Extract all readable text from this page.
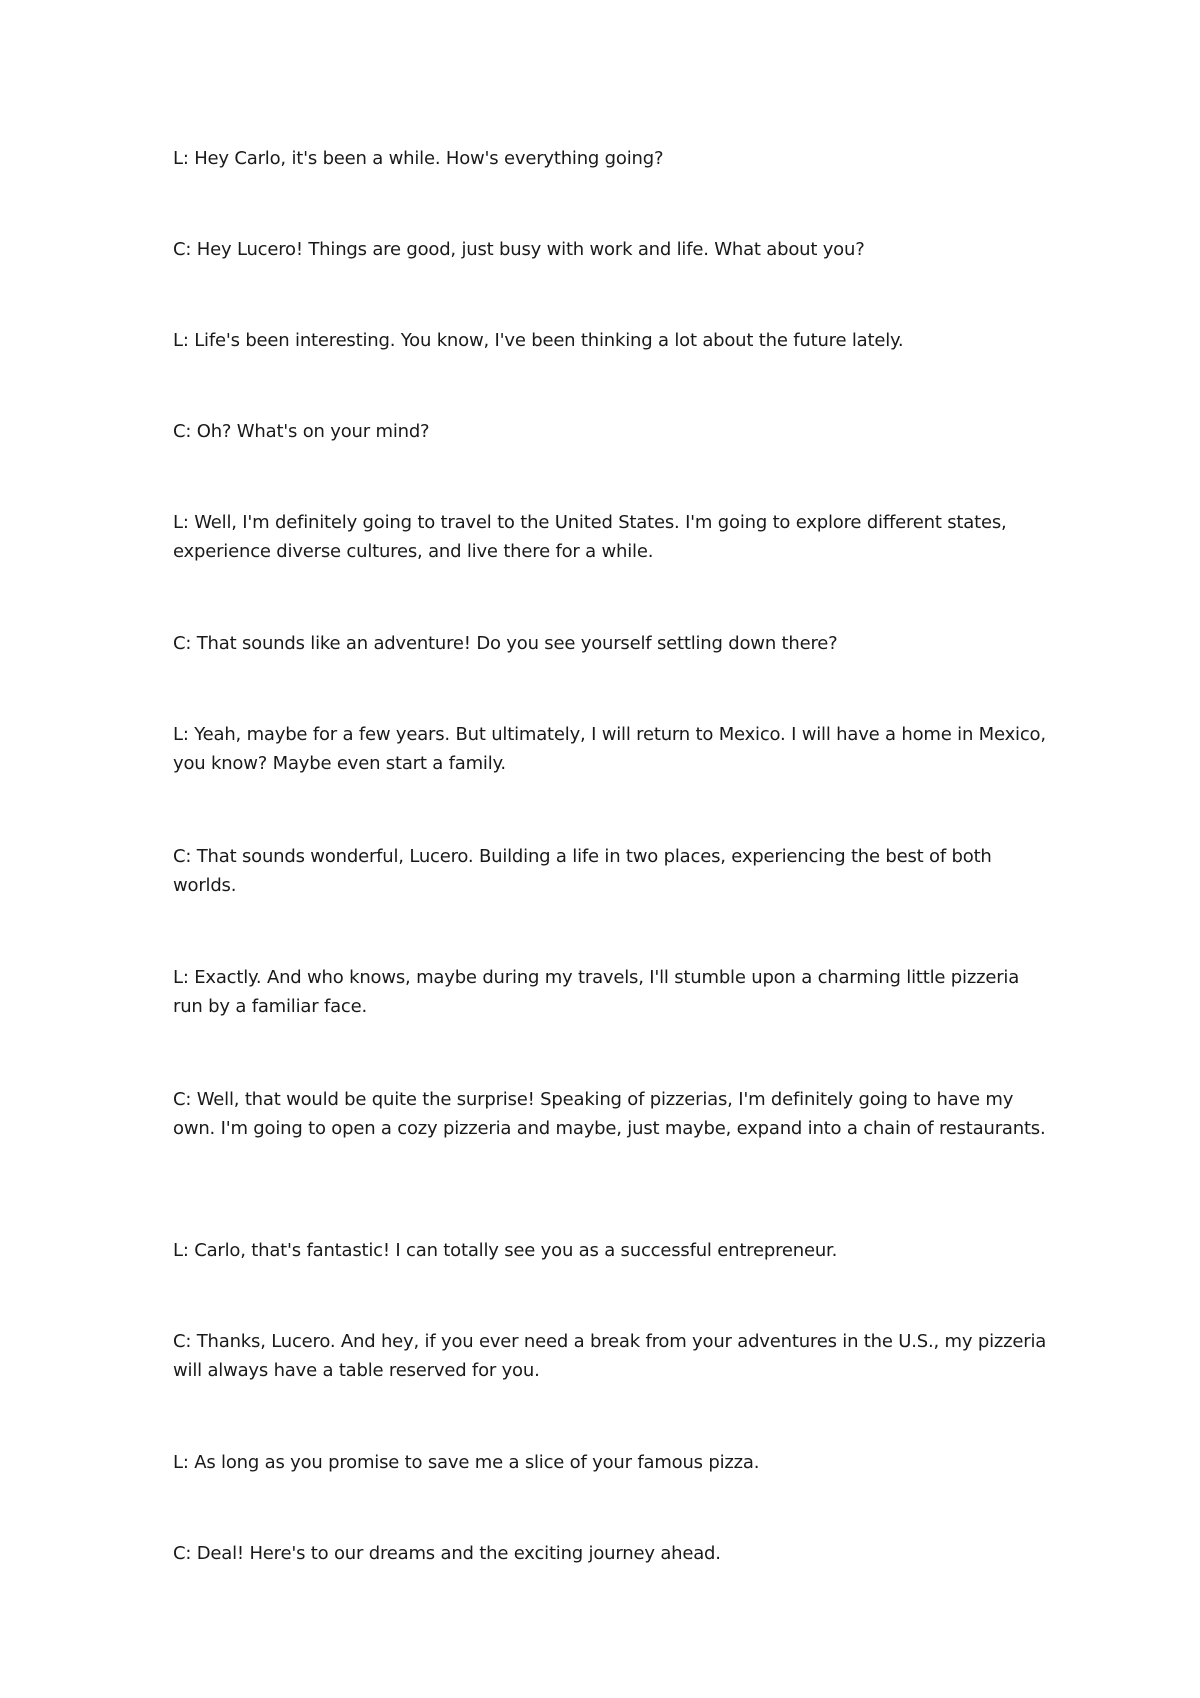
L: Hey Carlo, it's been a while. How's everything going?

C: Hey Lucero! Things are good, just busy with work and life. What about you?

L: Life's been interesting. You know, I've been thinking a lot about the future lately.

C: Oh? What's on your mind?

L: Well, I'm definitely going to travel to the United States. I'm going to explore different states, experience diverse cultures, and live there for a while.

C: That sounds like an adventure! Do you see yourself settling down there?

L: Yeah, maybe for a few years. But ultimately, I will return to Mexico. I will have a home in Mexico, you know? Maybe even start a family.

C: That sounds wonderful, Lucero. Building a life in two places, experiencing the best of both worlds.

L: Exactly. And who knows, maybe during my travels, I'll stumble upon a charming little pizzeria run by a familiar face.

C: Well, that would be quite the surprise! Speaking of pizzerias, I'm definitely going to have my own. I'm going to open a cozy pizzeria and maybe, just maybe, expand into a chain of restaurants.

L: Carlo, that's fantastic! I can totally see you as a successful entrepreneur.

C: Thanks, Lucero. And hey, if you ever need a break from your adventures in the U.S., my pizzeria will always have a table reserved for you.

L: As long as you promise to save me a slice of your famous pizza.

C: Deal! Here's to our dreams and the exciting journey ahead.
